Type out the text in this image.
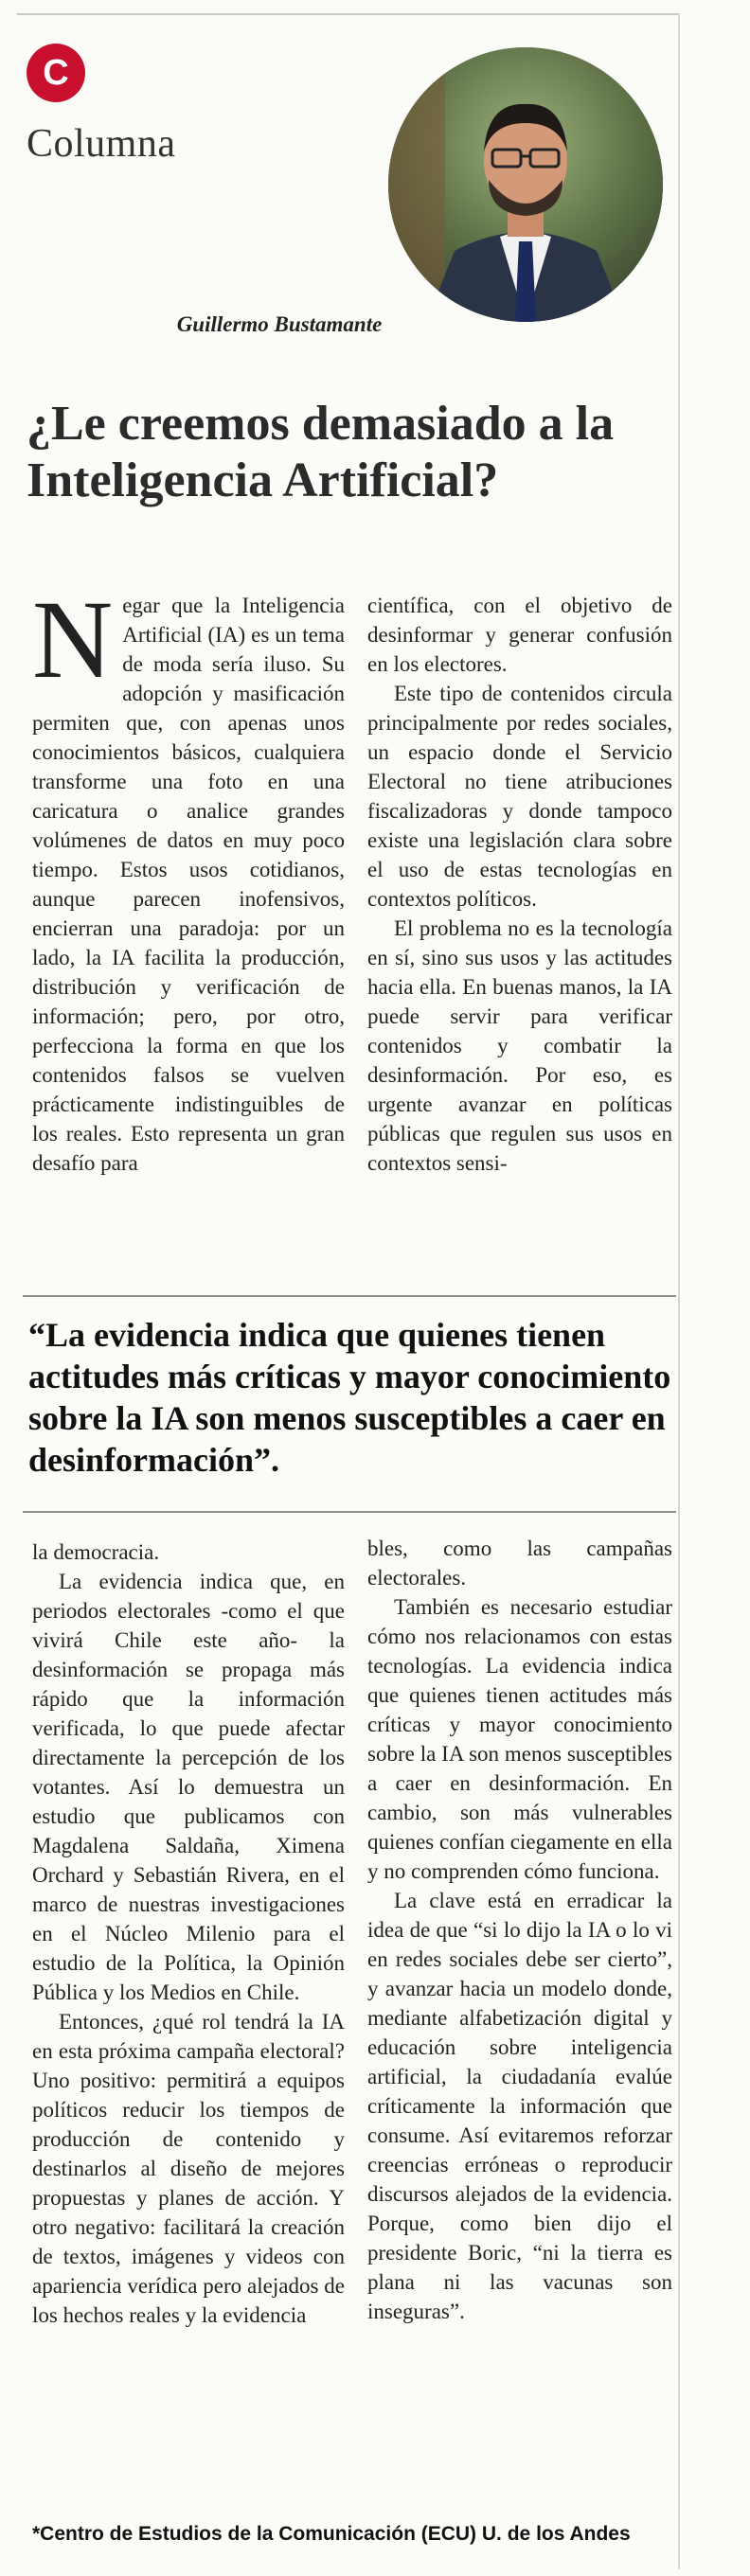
C
Columna
Guillermo Bustamante
¿Le creemos demasiado a la
Inteligencia Artificial?

Negar que la Inteligencia Artificial (IA) es un tema de moda sería iluso. Su adopción y masificación permiten que, con apenas unos conocimientos básicos, cualquiera transforme una foto en una caricatura o analice grandes volúmenes de datos en muy poco tiempo. Estos usos cotidianos, aunque parecen inofensivos, encierran una paradoja: por un lado, la IA facilita la producción, distribución y verificación de información; pero, por otro, perfecciona la forma en que los contenidos falsos se vuelven prácticamente indistinguibles de los reales. Esto representa un gran desafío para

científica, con el objetivo de desinformar y generar confusión en los electores.

Este tipo de contenidos circula principalmente por redes sociales, un espacio donde el Servicio Electoral no tiene atribuciones fiscalizadoras y donde tampoco existe una legislación clara sobre el uso de estas tecnologías en contextos políticos.

El problema no es la tecnología en sí, sino sus usos y las actitudes hacia ella. En buenas manos, la IA puede servir para verificar contenidos y combatir la desinformación. Por eso, es urgente avanzar en políticas públicas que regulen sus usos en contextos sensi-

“La evidencia indica que quienes tienen actitudes más críticas y mayor conocimiento sobre la IA son menos susceptibles a caer en desinformación”.

la democracia.

La evidencia indica que, en periodos electorales -como el que vivirá Chile este año- la desinformación se propaga más rápido que la información verificada, lo que puede afectar directamente la percepción de los votantes. Así lo demuestra un estudio que publicamos con Magdalena Saldaña, Ximena Orchard y Sebastián Rivera, en el marco de nuestras investigaciones en el Núcleo Milenio para el estudio de la Política, la Opinión Pública y los Medios en Chile.

Entonces, ¿qué rol tendrá la IA en esta próxima campaña electoral? Uno positivo: permitirá a equipos políticos reducir los tiempos de producción de contenido y destinarlos al diseño de mejores propuestas y planes de acción. Y otro negativo: facilitará la creación de textos, imágenes y videos con apariencia verídica pero alejados de los hechos reales y la evidencia

bles, como las campañas electorales.

También es necesario estudiar cómo nos relacionamos con estas tecnologías. La evidencia indica que quienes tienen actitudes más críticas y mayor conocimiento sobre la IA son menos susceptibles a caer en desinformación. En cambio, son más vulnerables quienes confían ciegamente en ella y no comprenden cómo funciona.

La clave está en erradicar la idea de que “si lo dijo la IA o lo vi en redes sociales debe ser cierto”, y avanzar hacia un modelo donde, mediante alfabetización digital y educación sobre inteligencia artificial, la ciudadanía evalúe críticamente la información que consume. Así evitaremos reforzar creencias erróneas o reproducir discursos alejados de la evidencia. Porque, como bien dijo el presidente Boric, “ni la tierra es plana ni las vacunas son inseguras”.

*Centro de Estudios de la Comunicación (ECU) U. de los Andes
